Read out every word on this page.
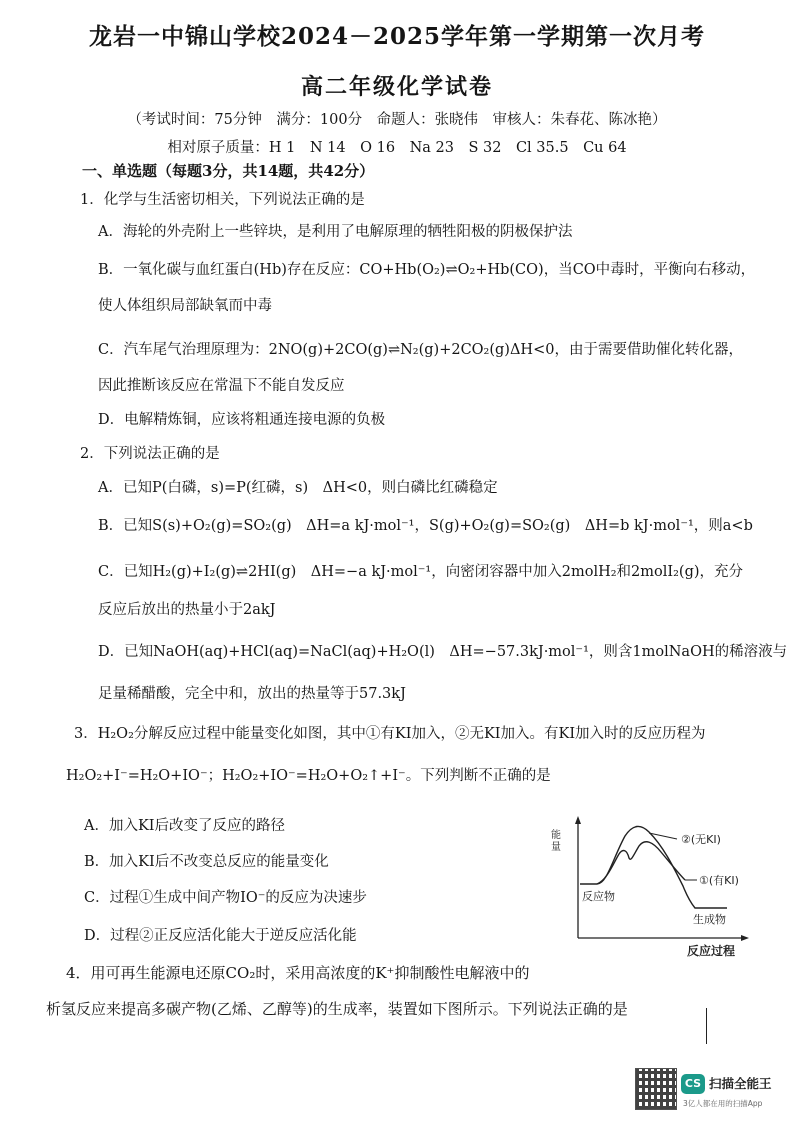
龙岩一中锦山学校2024－2025学年第一学期第一次月考
高二年级化学试卷
（考试时间：75分钟　满分：100分　命题人：张晓伟　审核人：朱春花、陈冰艳）
相对原子质量：H 1　N 14　O 16　Na 23　S 32　Cl 35.5　Cu 64
一、单选题（每题3分，共14题，共42分）
1．化学与生活密切相关，下列说法正确的是
A．海轮的外壳附上一些锌块，是利用了电解原理的牺牲阳极的阴极保护法
B．一氧化碳与血红蛋白(Hb)存在反应：CO+Hb(O₂)⇌O₂+Hb(CO)，当CO中毒时，平衡向右移动，
使人体组织局部缺氧而中毒
C．汽车尾气治理原理为：2NO(g)+2CO(g)⇌N₂(g)+2CO₂(g)ΔH<0，由于需要借助催化转化器，
因此推断该反应在常温下不能自发反应
D．电解精炼铜，应该将粗通连接电源的负极
2．下列说法正确的是
A．已知P(白磷，s)=P(红磷，s)　ΔH<0，则白磷比红磷稳定
B．已知S(s)+O₂(g)=SO₂(g)　ΔH=a kJ·mol⁻¹，S(g)+O₂(g)=SO₂(g)　ΔH=b kJ·mol⁻¹，则a<b
C．已知H₂(g)+I₂(g)⇌2HI(g)　ΔH=−a kJ·mol⁻¹，向密闭容器中加入2molH₂和2molI₂(g)，充分
反应后放出的热量小于2akJ
D．已知NaOH(aq)+HCl(aq)=NaCl(aq)+H₂O(l)　ΔH=−57.3kJ·mol⁻¹，则含1molNaOH的稀溶液与
足量稀醋酸，完全中和，放出的热量等于57.3kJ
3．H₂O₂分解反应过程中能量变化如图，其中①有KI加入，②无KI加入。有KI加入时的反应历程为
H₂O₂+I⁻=H₂O+IO⁻；H₂O₂+IO⁻=H₂O+O₂↑+I⁻。下列判断不正确的是
A．加入KI后改变了反应的路径
B．加入KI后不改变总反应的能量变化
C．过程①生成中间产物IO⁻的反应为决速步
D．过程②正反应活化能大于逆反应活化能
能
量
反应物
生成物
②(无KI)
①(有KI)
反应过程
4．用可再生能源电还原CO₂时，采用高浓度的K⁺抑制酸性电解液中的
析氢反应来提高多碳产物(乙烯、乙醇等)的生成率，装置如下图所示。下列说法正确的是
CS 扫描全能王
3亿人都在用的扫描App
